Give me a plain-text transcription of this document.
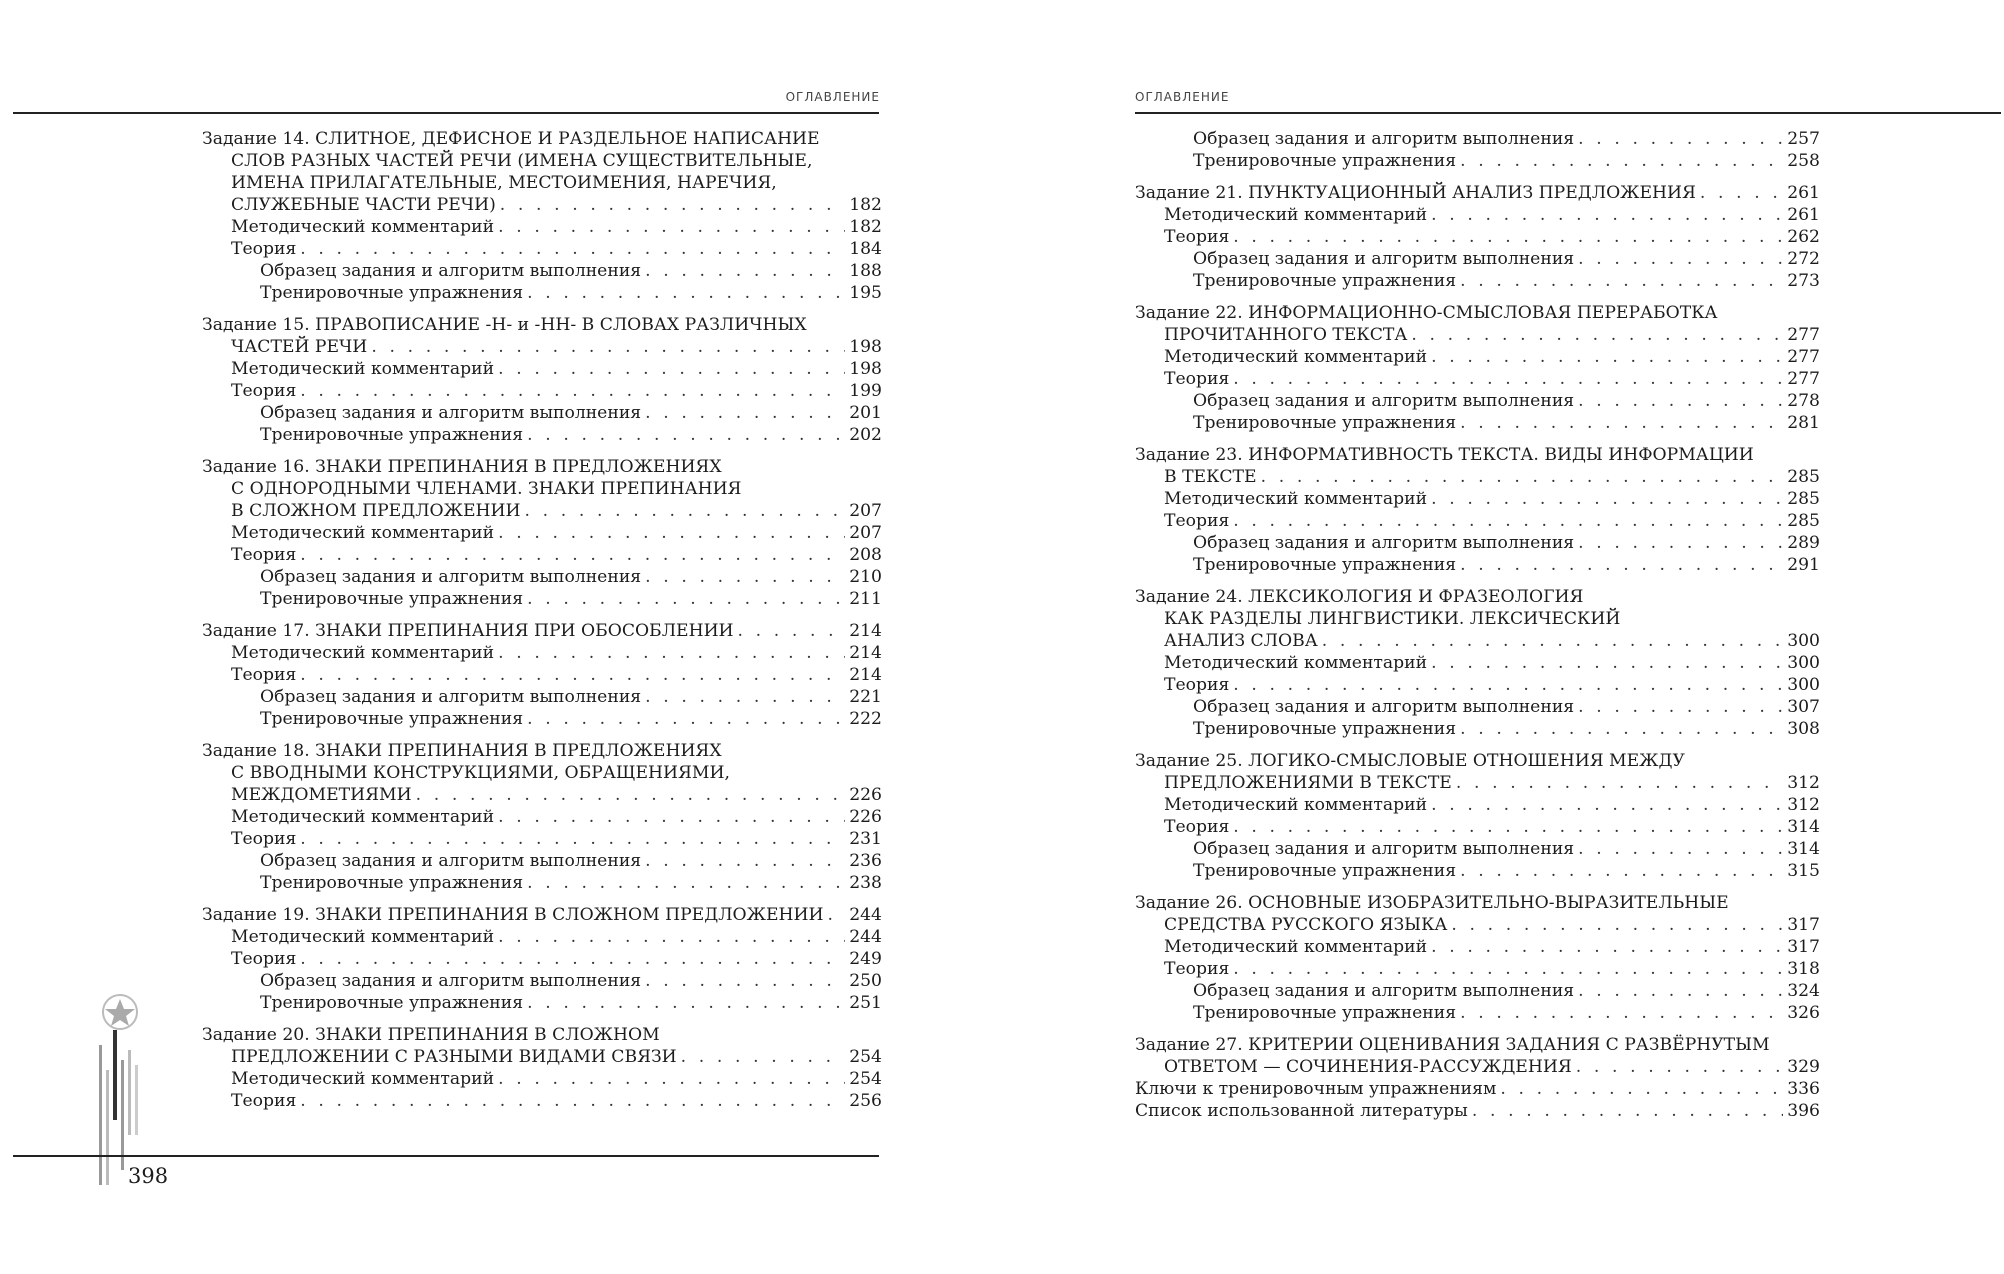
ОГЛАВЛЕНИЕ
Задание 14. СЛИТНОЕ, ДЕФИСНОЕ И РАЗДЕЛЬНОЕ НАПИСАНИЕ
СЛОВ РАЗНЫХ ЧАСТЕЙ РЕЧИ (ИМЕНА СУЩЕСТВИТЕЛЬНЫЕ,
ИМЕНА ПРИЛАГАТЕЛЬНЫЕ, МЕСТОИМЕНИЯ, НАРЕЧИЯ,
СЛУЖЕБНЫЕ ЧАСТИ РЕЧИ) . . .	182
Методический комментарий . . .	182
Теория . . .	184
Образец задания и алгоритм выполнения . . .	188
Тренировочные упражнения . . .	195
Задание 15. ПРАВОПИСАНИЕ -Н- и -НН- В СЛОВАХ РАЗЛИЧНЫХ
ЧАСТЕЙ РЕЧИ . . .	198
Методический комментарий . . .	198
Теория . . .	199
Образец задания и алгоритм выполнения . . .	201
Тренировочные упражнения . . .	202
Задание 16. ЗНАКИ ПРЕПИНАНИЯ В ПРЕДЛОЖЕНИЯХ
С ОДНОРОДНЫМИ ЧЛЕНАМИ. ЗНАКИ ПРЕПИНАНИЯ
В СЛОЖНОМ ПРЕДЛОЖЕНИИ . . .	207
Методический комментарий . . .	207
Теория . . .	208
Образец задания и алгоритм выполнения . . .	210
Тренировочные упражнения . . .	211
Задание 17. ЗНАКИ ПРЕПИНАНИЯ ПРИ ОБОСОБЛЕНИИ . . .	214
Методический комментарий . . .	214
Теория . . .	214
Образец задания и алгоритм выполнения . . .	221
Тренировочные упражнения . . .	222
Задание 18. ЗНАКИ ПРЕПИНАНИЯ В ПРЕДЛОЖЕНИЯХ
С ВВОДНЫМИ КОНСТРУКЦИЯМИ, ОБРАЩЕНИЯМИ,
МЕЖДОМЕТИЯМИ . . .	226
Методический комментарий . . .	226
Теория . . .	231
Образец задания и алгоритм выполнения . . .	236
Тренировочные упражнения . . .	238
Задание 19. ЗНАКИ ПРЕПИНАНИЯ В СЛОЖНОМ ПРЕДЛОЖЕНИИ . . . 244
Методический комментарий . . .	244
Теория . . .	249
Образец задания и алгоритм выполнения . . .	250
Тренировочные упражнения . . .	251
Задание 20. ЗНАКИ ПРЕПИНАНИЯ В СЛОЖНОМ
ПРЕДЛОЖЕНИИ С РАЗНЫМИ ВИДАМИ СВЯЗИ . . .	254
Методический комментарий . . .	254
Теория . . .	256
398
ОГЛАВЛЕНИЕ
Образец задания и алгоритм выполнения . . .	257
Тренировочные упражнения . . .	258
Задание 21. ПУНКТУАЦИОННЫЙ АНАЛИЗ ПРЕДЛОЖЕНИЯ . . .	261
Методический комментарий . . .	261
Теория . . .	262
Образец задания и алгоритм выполнения . . .	272
Тренировочные упражнения . . .	273
Задание 22. ИНФОРМАЦИОННО-СМЫСЛОВАЯ ПЕРЕРАБОТКА
ПРОЧИТАННОГО ТЕКСТА . . .	277
Методический комментарий . . .	277
Теория . . .	277
Образец задания и алгоритм выполнения . . .	278
Тренировочные упражнения . . .	281
Задание 23. ИНФОРМАТИВНОСТЬ ТЕКСТА. ВИДЫ ИНФОРМАЦИИ
В ТЕКСТЕ . . .	285
Методический комментарий . . .	285
Теория . . .	285
Образец задания и алгоритм выполнения . . .	289
Тренировочные упражнения . . .	291
Задание 24. ЛЕКСИКОЛОГИЯ И ФРАЗЕОЛОГИЯ
КАК РАЗДЕЛЫ ЛИНГВИСТИКИ. ЛЕКСИЧЕСКИЙ
АНАЛИЗ СЛОВА . . .	300
Методический комментарий . . .	300
Теория . . .	300
Образец задания и алгоритм выполнения . . .	307
Тренировочные упражнения . . .	308
Задание 25. ЛОГИКО-СМЫСЛОВЫЕ ОТНОШЕНИЯ МЕЖДУ
ПРЕДЛОЖЕНИЯМИ В ТЕКСТЕ . . .	312
Методический комментарий . . .	312
Теория . . .	314
Образец задания и алгоритм выполнения . . .	314
Тренировочные упражнения . . .	315
Задание 26. ОСНОВНЫЕ ИЗОБРАЗИТЕЛЬНО-ВЫРАЗИТЕЛЬНЫЕ
СРЕДСТВА РУССКОГО ЯЗЫКА . . .	317
Методический комментарий . . .	317
Теория . . .	318
Образец задания и алгоритм выполнения . . .	324
Тренировочные упражнения . . .	326
Задание 27. КРИТЕРИИ ОЦЕНИВАНИЯ ЗАДАНИЯ С РАЗВЁРНУТЫМ
ОТВЕТОМ — СОЧИНЕНИЯ-РАССУЖДЕНИЯ . . .	329
Ключи к тренировочным упражнениям . . .	336
Список использованной литературы . . .	396
